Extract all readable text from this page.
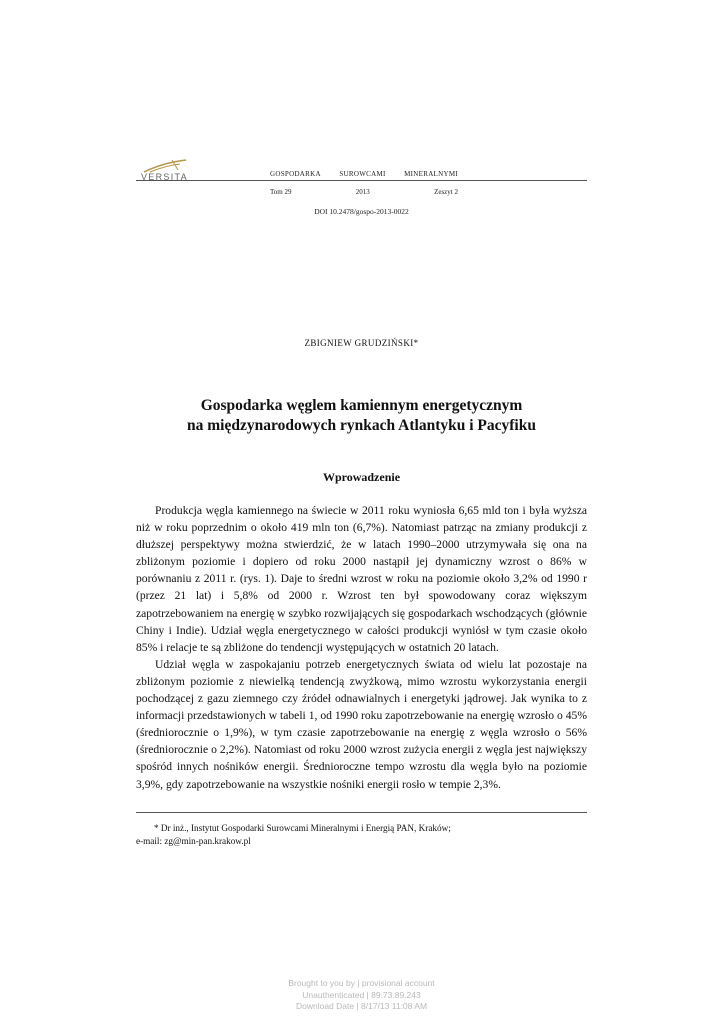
VERSITA	GOSPODARKA	SUROWCAMI	MINERALNYMI
Tom 29	2013	Zeszyt 2
DOI 10.2478/gospo-2013-0022
ZBIGNIEW GRUDZIŃSKI*
Gospodarka węglem kamiennym energetycznym
na międzynarodowych rynkach Atlantyku i Pacyfiku
Wprowadzenie

Produkcja węgla kamiennego na świecie w 2011 roku wyniosła 6,65 mld ton i była wyższa niż w roku poprzednim o około 419 mln ton (6,7%). Natomiast patrząc na zmiany produkcji z dłuższej perspektywy można stwierdzić, że w latach 1990–2000 utrzymywała się ona na zbliżonym poziomie i dopiero od roku 2000 nastąpił jej dynamiczny wzrost o 86% w porównaniu z 2011 r. (rys. 1). Daje to średni wzrost w roku na poziomie około 3,2% od 1990 r (przez 21 lat) i 5,8% od 2000 r. Wzrost ten był spowodowany coraz większym zapotrzebowaniem na energię w szybko rozwijających się gospodarkach wschodzących (głównie Chiny i Indie). Udział węgla energetycznego w całości produkcji wyniósł w tym czasie około 85% i relacje te są zbliżone do tendencji występujących w ostatnich 20 latach.

Udział węgla w zaspokajaniu potrzeb energetycznych świata od wielu lat pozostaje na zbliżonym poziomie z niewielką tendencją zwyżkową, mimo wzrostu wykorzystania energii pochodzącej z gazu ziemnego czy źródeł odnawialnych i energetyki jądrowej. Jak wynika to z informacji przedstawionych w tabeli 1, od 1990 roku zapotrzebowanie na energię wzrosło o 45% (średniorocznie o 1,9%), w tym czasie zapotrzebowanie na energię z węgla wzrosło o 56% (średniorocznie o 2,2%). Natomiast od roku 2000 wzrost zużycia energii z węgla jest największy spośród innych nośników energii. Średnioroczne tempo wzrostu dla węgla było na poziomie 3,9%, gdy zapotrzebowanie na wszystkie nośniki energii rosło w tempie 2,3%.

* Dr inż., Instytut Gospodarki Surowcami Mineralnymi i Energią PAN, Kraków;
e-mail: zg@min-pan.krakow.pl
Brought to you by | provisional account
Unauthenticated | 89.73.89.243
Download Date | 8/17/13 11:08 AM
